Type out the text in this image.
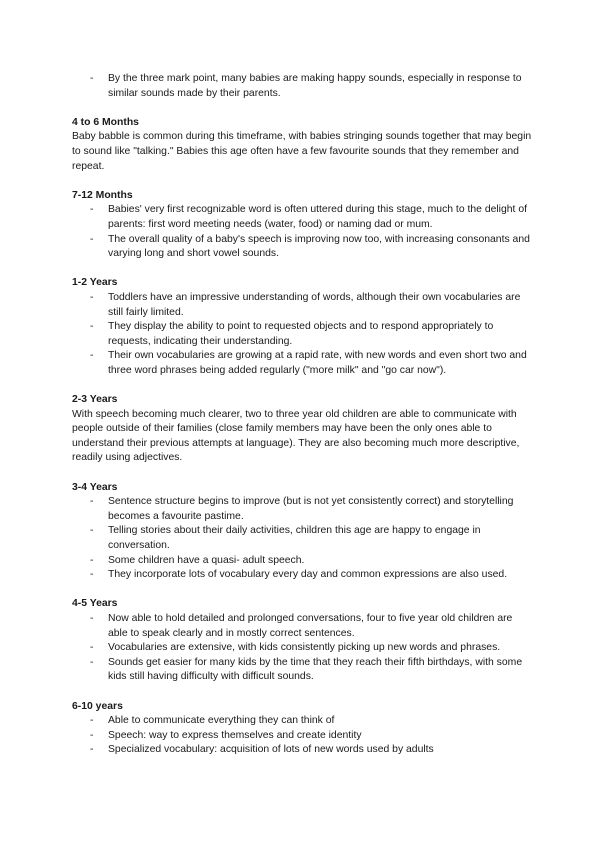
- By the three mark point, many babies are making happy sounds, especially in response to similar sounds made by their parents.
4 to 6 Months

Baby babble is common during this timeframe, with babies stringing sounds together that may begin to sound like "talking." Babies this age often have a few favourite sounds that they remember and repeat.

7-12 Months
- Babies' very first recognizable word is often uttered during this stage, much to the delight of parents: first word meeting needs (water, food) or naming dad or mum.
- The overall quality of a baby's speech is improving now too, with increasing consonants and varying long and short vowel sounds.
1-2 Years
- Toddlers have an impressive understanding of words, although their own vocabularies are still fairly limited.
- They display the ability to point to requested objects and to respond appropriately to requests, indicating their understanding.
- Their own vocabularies are growing at a rapid rate, with new words and even short two and three word phrases being added regularly ("more milk" and "go car now").
2-3 Years

With speech becoming much clearer, two to three year old children are able to communicate with people outside of their families (close family members may have been the only ones able to understand their previous attempts at language). They are also becoming much more descriptive, readily using adjectives.

3-4 Years
- Sentence structure begins to improve (but is not yet consistently correct) and storytelling becomes a favourite pastime.
- Telling stories about their daily activities, children this age are happy to engage in conversation.
- Some children have a quasi- adult speech.
- They incorporate lots of vocabulary every day and common expressions are also used.
4-5 Years
- Now able to hold detailed and prolonged conversations, four to five year old children are able to speak clearly and in mostly correct sentences.
- Vocabularies are extensive, with kids consistently picking up new words and phrases.
- Sounds get easier for many kids by the time that they reach their fifth birthdays, with some kids still having difficulty with difficult sounds.
6-10 years
- Able to communicate everything they can think of
- Speech: way to express themselves and create identity
- Specialized vocabulary: acquisition of lots of new words used by adults
